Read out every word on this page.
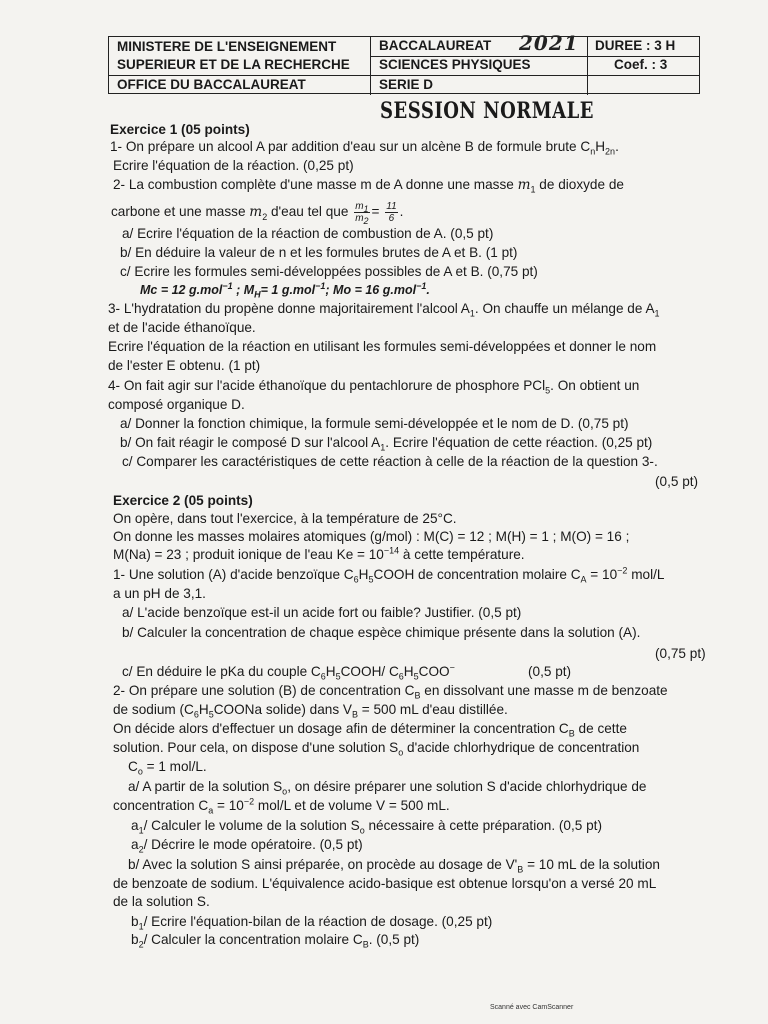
MINISTERE DE L'ENSEIGNEMENT
SUPERIEUR ET DE LA RECHERCHE
OFFICE DU BACCALAUREAT
BACCALAUREAT 2021
SCIENCES PHYSIQUES
SERIE D
DUREE : 3 H
Coef. : 3
SESSION NORMALE
Exercice 1 (05 points)
1- On prépare un alcool A par addition d'eau sur un alcène B de formule brute $C_nH_{2n}$.
Ecrire l'équation de la réaction. (0,25 pt)
2- La combustion complète d'une masse m de A donne une masse $m_1$ de dioxyde de
carbone et une masse $m_2$ d'eau tel que $\frac{m_1}{m_2} = \frac{11}{6}$ .
a/ Ecrire l'équation de la réaction de combustion de A. (0,5 pt)
b/ En déduire la valeur de n et les formules brutes de A et B. (1 pt)
c/ Ecrire les formules semi-développées possibles de A et B. (0,75 pt)
Mc = 12 g.mol$^{-1}$ ; $M_H= 1$ g.mol$^{-1}$; Mo = 16 g.mol$^{-1}$.
3- L'hydratation du propène donne majoritairement l'alcool $A_1$. On chauffe un mélange de $A_1$
et de l'acide éthanoïque.
Ecrire l'équation de la réaction en utilisant les formules semi-développées et donner le nom
de l'ester E obtenu. (1 pt)
4- On fait agir sur l'acide éthanoïque du pentachlorure de phosphore PCl$_5$. On obtient un
composé organique D.
a/ Donner la fonction chimique, la formule semi-développée et le nom de D. (0,75 pt)
b/ On fait réagir le composé D sur l'alcool $A_1$. Ecrire l'équation de cette réaction. (0,25 pt)
c/ Comparer les caractéristiques de cette réaction à celle de la réaction de la question 3-.
(0,5 pt)
Exercice 2 (05 points)
On opère, dans tout l'exercice, à la température de 25°C.
On donne les masses molaires atomiques (g/mol) : M(C) = 12 ; M(H) = 1 ; M(O) = 16 ;
M(Na) = 23 ; produit ionique de l'eau $Ke = 10^{-14}$ à cette température.
1- Une solution (A) d'acide benzoïque $C_6H_5COOH$ de concentration molaire $C_A = 10^{-2}$ mol/L
a un pH de 3,1.
a/ L'acide benzoïque est-il un acide fort ou faible? Justifier. (0,5 pt)
b/ Calculer la concentration de chaque espèce chimique présente dans la solution (A).
(0,75 pt)
c/ En déduire le pKa du couple $C_6H_5COOH/$ $C_6H_5COO^-$	(0,5 pt)
2- On prépare une solution (B) de concentration $C_B$ en dissolvant une masse m de benzoate
de sodium ($C_6H_5COONa$ solide) dans $V_B = 500$ mL d'eau distillée.
On décide alors d'effectuer un dosage afin de déterminer la concentration $C_B$ de cette
solution. Pour cela, on dispose d'une solution $S_o$ d'acide chlorhydrique de concentration
$C_o = 1$ mol/L.
a/ A partir de la solution $S_o$, on désire préparer une solution S d'acide chlorhydrique de
concentration $C_a = 10^{-2}$ mol/L et de volume V = 500 mL.
$a_1/$ Calculer le volume de la solution $S_o$ nécessaire à cette préparation. (0,5 pt)
$a_2/$ Décrire le mode opératoire. (0,5 pt)
b/ Avec la solution S ainsi préparée, on procède au dosage de $V'_B = 10$ mL de la solution
de benzoate de sodium. L'équivalence acido-basique est obtenue lorsqu'on a versé 20 mL
de la solution S.
$b_1/$ Ecrire l'équation-bilan de la réaction de dosage. (0,25 pt)
$b_2/$ Calculer la concentration molaire $C_B$. (0,5 pt)
Scanné avec CamScanner
